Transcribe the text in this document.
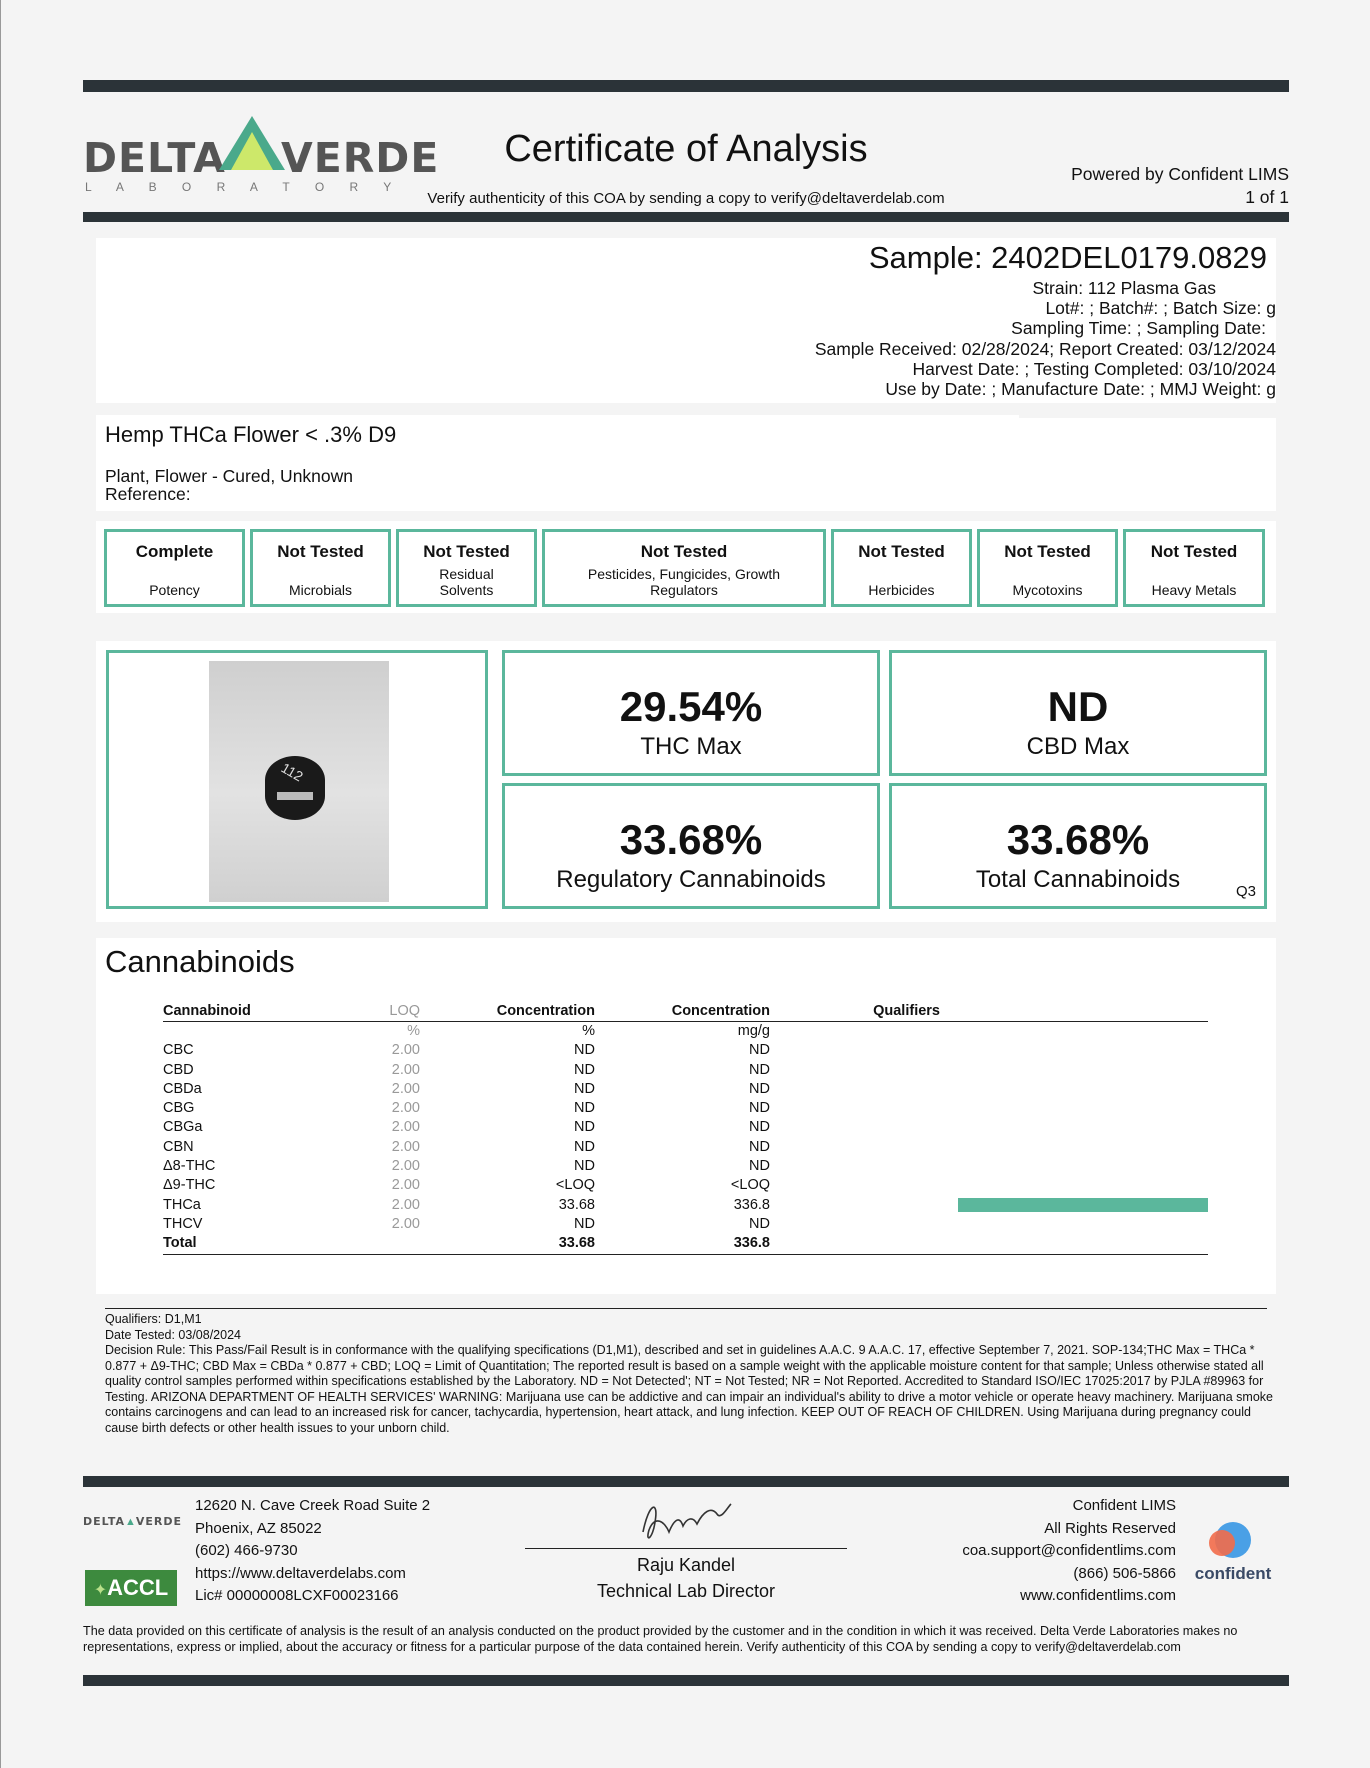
DELTA VERDE
L A B O R A T O R Y
Certificate of Analysis
Verify authenticity of this COA by sending a copy to verify@deltaverdelab.com
Powered by Confident LIMS
1 of 1
Sample: 2402DEL0179.0829
Strain: 112 Plasma Gas
Lot#: ; Batch#: ; Batch Size: g
Sampling Time: ; Sampling Date:
Sample Received: 02/28/2024; Report Created: 03/12/2024
Harvest Date: ; Testing Completed: 03/10/2024
Use by Date: ; Manufacture Date: ; MMJ Weight: g
Hemp THCa Flower < .3% D9
Plant, Flower - Cured, Unknown
Reference:
Complete
Potency
Not Tested
Microbials
Not Tested
Residual Solvents
Not Tested
Pesticides, Fungicides, Growth Regulators
Not Tested
Herbicides
Not Tested
Mycotoxins
Not Tested
Heavy Metals
112
29.54%
THC Max
ND
CBD Max
33.68%
Regulatory Cannabinoids
33.68%
Total Cannabinoids	Q3
Cannabinoids
Cannabinoid	LOQ	Concentration	Concentration	Qualifiers	
	%	%	mg/g		
CBC	2.00	ND	ND		

CBD	2.00	ND	ND		

CBDa	2.00	ND	ND		

CBG	2.00	ND	ND		

CBGa	2.00	ND	ND		

CBN	2.00	ND	ND		

Δ8-THC	2.00	ND	ND		

Δ9-THC	2.00	<LOQ	<LOQ		

THCa	2.00	33.68	336.8		

THCV	2.00	ND	ND		

Total		33.68	336.8		
Qualifiers: D1,M1
Date Tested: 03/08/2024
Decision Rule: This Pass/Fail Result is in conformance with the qualifying specifications (D1,M1), described and set in guidelines A.A.C. 9 A.A.C. 17, effective September 7, 2021. SOP-134;THC Max = THCa * 0.877 + Δ9-THC; CBD Max = CBDa * 0.877 + CBD; LOQ = Limit of Quantitation; The reported result is based on a sample weight with the applicable moisture content for that sample; Unless otherwise stated all quality control samples performed within specifications established by the Laboratory. ND = Not Detected'; NT = Not Tested; NR = Not Reported. Accredited to Standard ISO/IEC 17025:2017 by PJLA #89963 for Testing. ARIZONA DEPARTMENT OF HEALTH SERVICES' WARNING: Marijuana use can be addictive and can impair an individual's ability to drive a motor vehicle or operate heavy machinery. Marijuana smoke contains carcinogens and can lead to an increased risk for cancer, tachycardia, hypertension, heart attack, and lung infection. KEEP OUT OF REACH OF CHILDREN. Using Marijuana during pregnancy could cause birth defects or other health issues to your unborn child.
DELTA▲VERDE
✦ACCL
12620 N. Cave Creek Road Suite 2
Phoenix, AZ 85022
(602) 466-9730
https://www.deltaverdelabs.com
Lic# 00000008LCXF00023166
Raju Kandel
Technical Lab Director
Confident LIMS
All Rights Reserved
coa.support@confidentlims.com
(866) 506-5866
www.confidentlims.com
confident
The data provided on this certificate of analysis is the result of an analysis conducted on the product provided by the customer and in the condition in which it was received. Delta Verde Laboratories makes no representations, express or implied, about the accuracy or fitness for a particular purpose of the data contained herein. Verify authenticity of this COA by sending a copy to verify@deltaverdelab.com
